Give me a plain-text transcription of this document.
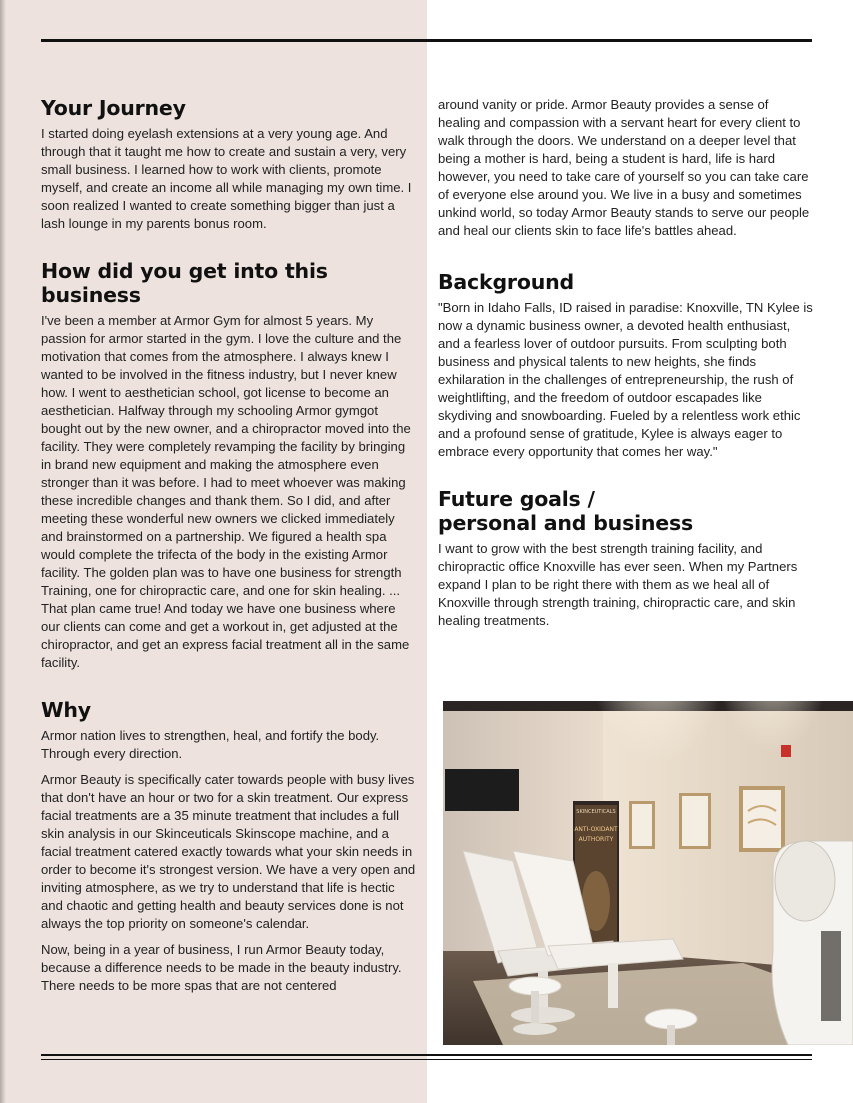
Your Journey

I started doing eyelash extensions at a very young age. And through that it taught me how to create and sustain a very, very small business. I learned how to work with clients, promote myself, and create an income all while managing my own time. I soon realized I wanted to create something bigger than just a lash lounge in my parents bonus room.

How did you get into this business

I've been a member at Armor Gym for almost 5 years. My passion for armor started in the gym. I love the culture and the motivation that comes from the atmosphere. I always knew I wanted to be involved in the fitness industry, but I never knew how. I went to aesthetician school, got license to become an aesthetician. Halfway through my schooling Armor gymgot bought out by the new owner, and a chiropractor moved into the facility. They were completely revamping the facility by bringing in brand new equipment and making the atmosphere even stronger than it was before. I had to meet whoever was making these incredible changes and thank them. So I did, and after meeting these wonderful new owners we clicked immediately and brainstormed on a partnership. We figured a health spa would complete the trifecta of the body in the existing Armor facility. The golden plan was to have one business for strength Training, one for chiropractic care, and one for skin healing. ... That plan came true! And today we have one business where our clients can come and get a workout in, get adjusted at the chiropractor, and get an express facial treatment all in the same facility.

Why

Armor nation lives to strengthen, heal, and fortify the body. Through every direction.

Armor Beauty is specifically cater towards people with busy lives that don't have an hour or two for a skin treatment. Our express facial treatments are a 35 minute treatment that includes a full skin analysis in our Skinceuticals Skinscope machine, and a facial treatment catered exactly towards what your skin needs in order to become it's strongest version. We have a very open and inviting atmosphere, as we try to understand that life is hectic and chaotic and getting health and beauty services done is not always the top priority on someone's calendar.

Now, being in a year of business, I run Armor Beauty today, because a difference needs to be made in the beauty industry. There needs to be more spas that are not centered

around vanity or pride. Armor Beauty provides a sense of healing and compassion with a servant heart for every client to walk through the doors. We understand on a deeper level that being a mother is hard, being a student is hard, life is hard however, you need to take care of yourself so you can take care of everyone else around you. We live in a busy and sometimes unkind world, so today Armor Beauty stands to serve our people and heal our clients skin to face life's battles ahead.

Background

"Born in Idaho Falls, ID raised in paradise: Knoxville, TN Kylee is now a dynamic business owner, a devoted health enthusiast, and a fearless lover of outdoor pursuits. From sculpting both business and physical talents to new heights, she finds exhilaration in the challenges of entrepreneurship, the rush of weightlifting, and the freedom of outdoor escapades like skydiving and snowboarding. Fueled by a relentless work ethic and a profound sense of gratitude, Kylee is always eager to embrace every opportunity that comes her way."

Future goals /
personal and business

I want to grow with the best strength training facility, and chiropractic office Knoxville has ever seen. When my Partners expand I plan to be right there with them as we heal all of Knoxville through strength training, chiropractic care, and skin healing treatments.

SKINCEUTICALS
ANTI-OXIDANT
AUTHORITY
